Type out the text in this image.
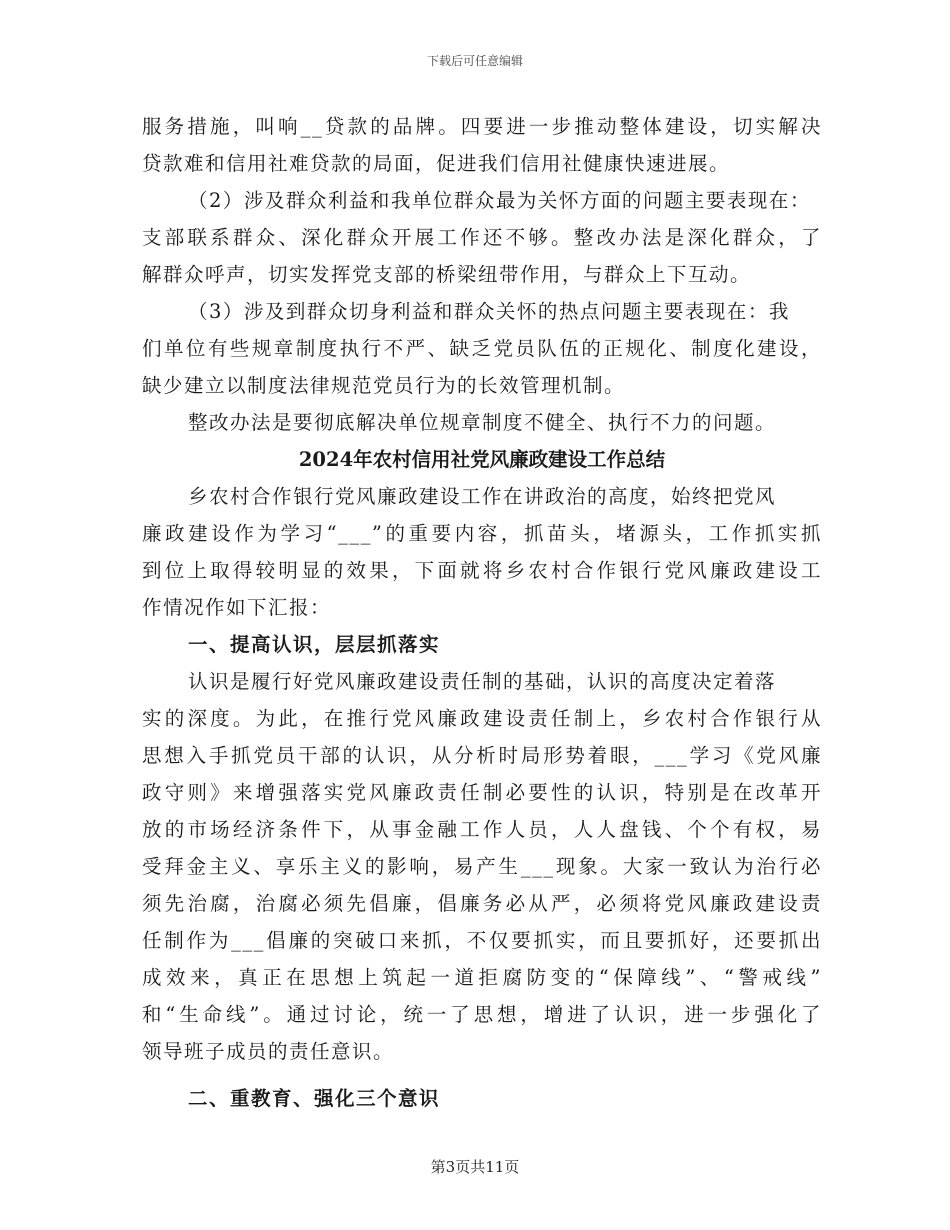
下载后可任意编辑
服务措施，叫响__贷款的品牌。四要进一步推动整体建设，切实解决
贷款难和信用社难贷款的局面，促进我们信用社健康快速进展。
（2）涉及群众利益和我单位群众最为关怀方面的问题主要表现在：
支部联系群众、深化群众开展工作还不够。整改办法是深化群众，了
解群众呼声，切实发挥党支部的桥梁纽带作用，与群众上下互动。
（3）涉及到群众切身利益和群众关怀的热点问题主要表现在：我
们单位有些规章制度执行不严、缺乏党员队伍的正规化、制度化建设，
缺少建立以制度法律规范党员行为的长效管理机制。
整改办法是要彻底解决单位规章制度不健全、执行不力的问题。
2024年农村信用社党风廉政建设工作总结
乡农村合作银行党风廉政建设工作在讲政治的高度，始终把党风
廉政建设作为学习“___”的重要内容，抓苗头，堵源头，工作抓实抓
到位上取得较明显的效果，下面就将乡农村合作银行党风廉政建设工
作情况作如下汇报：
一、提高认识，层层抓落实
认识是履行好党风廉政建设责任制的基础，认识的高度决定着落
实的深度。为此，在推行党风廉政建设责任制上，乡农村合作银行从
思想入手抓党员干部的认识，从分析时局形势着眼，___学习《党风廉
政守则》来增强落实党风廉政责任制必要性的认识，特别是在改革开
放的市场经济条件下，从事金融工作人员，人人盘钱、个个有权，易
受拜金主义、享乐主义的影响，易产生___现象。大家一致认为治行必
须先治腐，治腐必须先倡廉，倡廉务必从严，必须将党风廉政建设责
任制作为___倡廉的突破口来抓，不仅要抓实，而且要抓好，还要抓出
成效来，真正在思想上筑起一道拒腐防变的“保障线”、“警戒线”
和“生命线”。通过讨论，统一了思想，增进了认识，进一步强化了
领导班子成员的责任意识。
二、重教育、强化三个意识
第3页共11页
